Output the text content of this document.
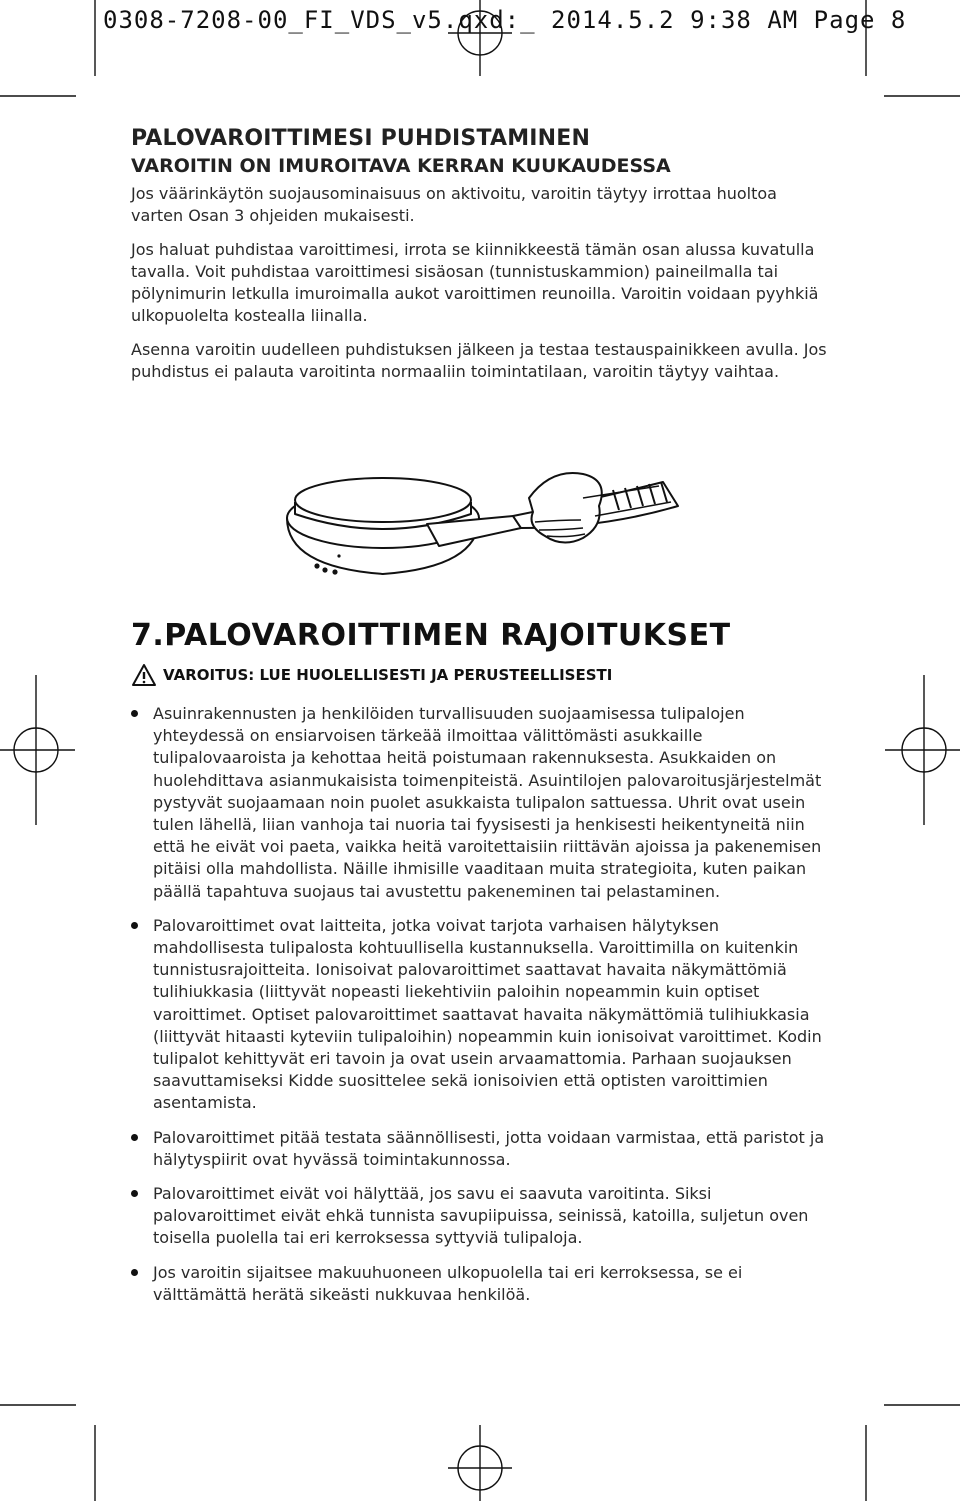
0308-7208-00_FI_VDS_v5.qxd:_ 2014.5.2 9:38 AM Page 8
PALOVAROITTIMESI PUHDISTAMINEN
VAROITIN ON IMUROITAVA KERRAN KUUKAUDESSA

Jos väärinkäytön suojausominaisuus on aktivoitu, varoitin täytyy irrottaa huoltoa varten Osan 3 ohjeiden mukaisesti.

Jos haluat puhdistaa varoittimesi, irrota se kiinnikkeestä tämän osan alussa kuvatulla tavalla. Voit puhdistaa varoittimesi sisäosan (tunnistuskammion) paineilmalla tai pölynimurin letkulla imuroimalla aukot varoittimen reunoilla. Varoitin voidaan pyyhkiä ulkopuolelta kostealla liinalla.

Asenna varoitin uudelleen puhdistuksen jälkeen ja testaa testauspainikkeen avulla. Jos puhdistus ei palauta varoitinta normaaliin toimintatilaan, varoitin täytyy vaihtaa.

7.PALOVAROITTIMEN RAJOITUKSET
VAROITUS: LUE HUOLELLISESTI JA PERUSTEELLISESTI
Asuinrakennusten ja henkilöiden turvallisuuden suojaamisessa tulipalojen yhteydessä on ensiarvoisen tärkeää ilmoittaa välittömästi asukkaille tulipalovaaroista ja kehottaa heitä poistumaan rakennuksesta. Asukkaiden on huolehdittava asianmukaisista toimenpiteistä. Asuintilojen palovaroitusjärjestelmät pystyvät suojaamaan noin puolet asukkaista tulipalon sattuessa. Uhrit ovat usein tulen lähellä, liian vanhoja tai nuoria tai fyysisesti ja henkisesti heikentyneitä niin että he eivät voi paeta, vaikka heitä varoitettaisiin riittävän ajoissa ja pakenemisen pitäisi olla mahdollista. Näille ihmisille vaaditaan muita strategioita, kuten paikan päällä tapahtuva suojaus tai avustettu pakeneminen tai pelastaminen.
Palovaroittimet ovat laitteita, jotka voivat tarjota varhaisen hälytyksen mahdollisesta tulipalosta kohtuullisella kustannuksella. Varoittimilla on kuitenkin tunnistusrajoitteita. Ionisoivat palovaroittimet saattavat havaita näkymättömiä tulihiukkasia (liittyvät nopeasti liekehtiviin paloihin nopeammin kuin optiset varoittimet. Optiset palovaroittimet saattavat havaita näkymättömiä tulihiukkasia (liittyvät hitaasti kyteviin tulipaloihin) nopeammin kuin ionisoivat varoittimet. Kodin tulipalot kehittyvät eri tavoin ja ovat usein arvaamattomia. Parhaan suojauksen saavuttamiseksi Kidde suosittelee sekä ionisoivien että optisten varoittimien asentamista.
Palovaroittimet pitää testata säännöllisesti, jotta voidaan varmistaa, että paristot ja hälytyspiirit ovat hyvässä toimintakunnossa.
Palovaroittimet eivät voi hälyttää, jos savu ei saavuta varoitinta. Siksi palovaroittimet eivät ehkä tunnista savupiipuissa, seinissä, katoilla, suljetun oven toisella puolella tai eri kerroksessa syttyviä tulipaloja.
Jos varoitin sijaitsee makuuhuoneen ulkopuolella tai eri kerroksessa, se ei välttämättä herätä sikeästi nukkuvaa henkilöä.
